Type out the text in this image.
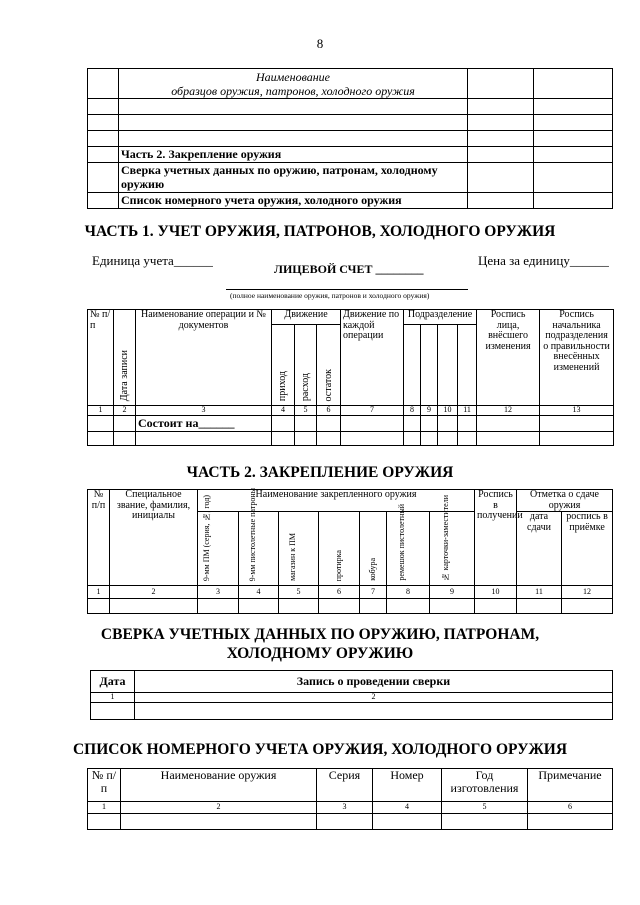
8

	Наименование
образцов оружия, патронов, холодного оружия		

	Часть 2. Закрепление оружия		
	Сверка учетных данных по оружию, патронам, холодному оружию		
	Список номерного учета оружия, холодного оружия		
ЧАСТЬ 1. УЧЕТ ОРУЖИЯ, ПАТРОНОВ, ХОЛОДНОГО ОРУЖИЯ
Единица учета______
ЛИЦЕВОЙ СЧЕТ ________
Цена за единицу______
(полное наименование оружия, патронов и холодного оружия)
№ п/п	Дата записи	Наименование операции и № документов	Движение			Движение по каждой операции	Подразделение				Роспись лица, внёсшего изменения	Роспись начальника подразделения о правильности внесённых изменений

			приход	расход	остаток							

1	2	3	4	5	6	7	8	9	10	11	12	13
		Состоит на______										

ЧАСТЬ 2. ЗАКРЕПЛЕНИЕ ОРУЖИЯ
№ п/п	Специальное звание, фамилия, инициалы	Наименование закрепленного оружия							Роспись в получении	Отметка о сдаче оружия	

		9-мм ПМ (серия, №, год)	9-мм пистолетные патроны	магазин к ПМ	протирка	кобура	ремешок пистолетный	№ карточки-заместители		дата сдачи	роспись в приёмке
1	2	3	4	5	6	7	8	9	10	11	12

СВЕРКА УЧЕТНЫХ ДАННЫХ ПО ОРУЖИЮ, ПАТРОНАМ,
ХОЛОДНОМУ ОРУЖИЮ
Дата	Запись о проведении сверки
1	2

СПИСОК НОМЕРНОГО УЧЕТА ОРУЖИЯ, ХОЛОДНОГО ОРУЖИЯ
№ п/п	Наименование оружия	Серия	Номер	Год изготовления	Примечание
1	2	3	4	5	6
